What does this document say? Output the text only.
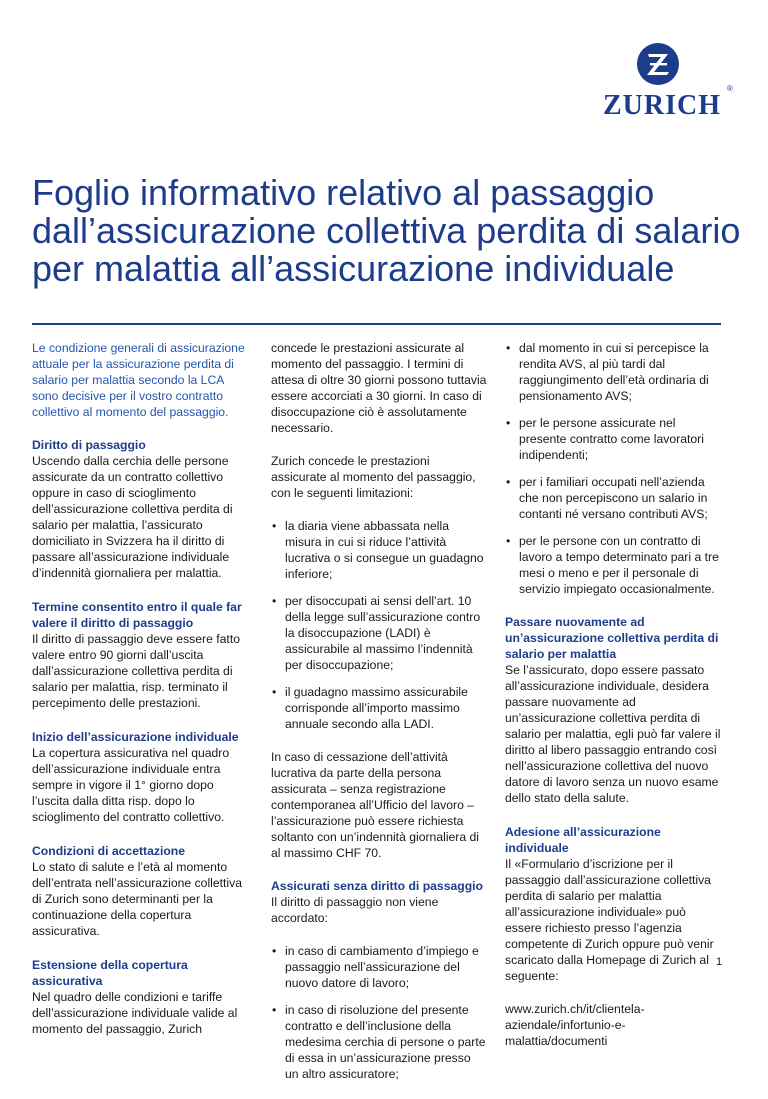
ZURICH
®
Foglio informativo relativo al passaggio
dall’assicurazione collettiva perdita di salario
per malattia all’assicurazione individuale

Le condizione generali di assicurazione attuale per la assicurazione perdita di salario per malattia secondo la LCA sono decisive per il vostro contratto collettivo al momento del passaggio.

Diritto di passaggio

Uscendo dalla cerchia delle persone assicurate da un contratto collettivo oppure in caso di scioglimento dell’assicurazione collettiva perdita di salario per malattia, l’assicurato domiciliato in Svizzera ha il diritto di passare all’assicurazione individuale d’indennità giornaliera per malattia.

Termine consentito entro il quale far valere il diritto di passaggio

Il diritto di passaggio deve essere fatto valere entro 90 giorni dall’uscita dall’assicurazione collettiva perdita di salario per malattia, risp. terminato il percepimento delle prestazioni.

Inizio dell’assicurazione individuale

La copertura assicurativa nel quadro dell’assicurazione individuale entra sempre in vigore il 1° giorno dopo l’uscita dalla ditta risp. dopo lo scioglimento del contratto collettivo.

Condizioni di accettazione

Lo stato di salute e l’età al momento dell’entrata nell’assicurazione collettiva di Zurich sono determinanti per la continuazione della copertura assicurativa.

Estensione della copertura assicurativa

Nel quadro delle condizioni e tariffe dell’assicurazione individuale valide al momento del passaggio, Zurich

concede le prestazioni assicurate al momento del passaggio. I termini di attesa di oltre 30 giorni possono tuttavia essere accorciati a 30 giorni. In caso di disoccupazione ciò è assolutamente necessario.

Zurich concede le prestazioni assicurate al momento del passaggio, con le seguenti limitazioni:

• la diaria viene abbassata nella misura in cui si riduce l’attività lucrativa o si consegue un guadagno inferiore;
• per disoccupati ai sensi dell’art. 10 della legge sull’assicurazione contro la disoccupazione (LADI) è assicurabile al massimo l’indennità per disoccupazione;
• il guadagno massimo assicurabile corrisponde all’importo massimo annuale secondo alla LADI.

In caso di cessazione dell’attività lucrativa da parte della persona assicurata – senza registrazione contemporanea all’Ufficio del lavoro – l’assicurazione può essere richiesta soltanto con un’indennità giornaliera di al massimo CHF 70.

Assicurati senza diritto di passaggio

Il diritto di passaggio non viene accordato:

• in caso di cambiamento d’impiego e passaggio nell’assicurazione del nuovo datore di lavoro;
• in caso di risoluzione del presente contratto e dell’inclusione della medesima cerchia di persone o parte di essa in un’assicurazione presso un altro assicuratore;
• dal momento in cui si percepisce la rendita AVS, al più tardi dal raggiungimento dell’età ordinaria di pensionamento AVS;
• per le persone assicurate nel presente contratto come lavoratori indipendenti;
• per i familiari occupati nell’azienda che non percepiscono un salario in contanti né versano contributi AVS;
• per le persone con un contratto di lavoro a tempo determinato pari a tre mesi o meno e per il personale di servizio impiegato occasionalmente.
Passare nuovamente ad un’assicurazione collettiva perdita di salario per malattia

Se l’assicurato, dopo essere passato all’assicurazione individuale, desidera passare nuovamente ad un’assicurazione collettiva perdita di salario per malattia, egli può far valere il diritto al libero passaggio entrando così nell’assicurazione collettiva del nuovo datore di lavoro senza un nuovo esame dello stato della salute.

Adesione all’assicurazione individuale

Il «Formulario d’iscrizione per il passaggio dall’assicurazione collettiva perdita di salario per malattia all’assicurazione individuale» può essere richiesto presso l’agenzia competente di Zurich oppure può venir scaricato dalla Homepage di Zurich al seguente:

www.zurich.ch/it/clientela-aziendale/infortunio-e-malattia/documenti

1
